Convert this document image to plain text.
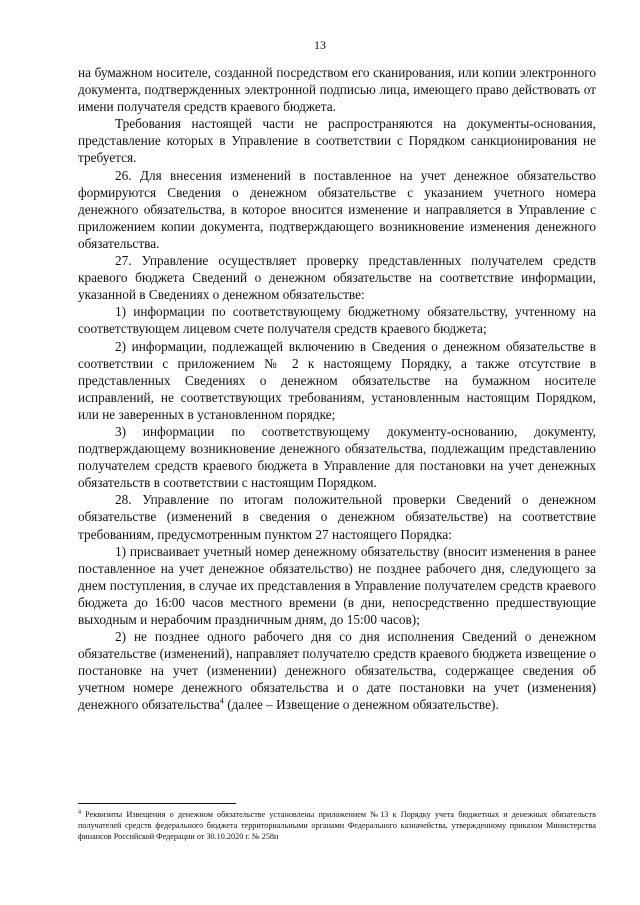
13

на бумажном носителе, созданной посредством его сканирования, или копии электронного документа, подтвержденных электронной подписью лица, имеющего право действовать от имени получателя средств краевого бюджета.

Требования настоящей части не распространяются на документы-основания, представление которых в Управление в соответствии с Порядком санкционирования не требуется.

26. Для внесения изменений в поставленное на учет денежное обязательство формируются Сведения о денежном обязательстве с указанием учетного номера денежного обязательства, в которое вносится изменение и направляется в Управление с приложением копии документа, подтверждающего возникновение изменения денежного обязательства.

27. Управление осуществляет проверку представленных получателем средств краевого бюджета Сведений о денежном обязательстве на соответствие информации, указанной в Сведениях о денежном обязательстве:

1) информации по соответствующему бюджетному обязательству, учтенному на соответствующем лицевом счете получателя средств краевого бюджета;

2) информации, подлежащей включению в Сведения о денежном обязательстве в соответствии с приложением № 2 к настоящему Порядку, а также отсутствие в представленных Сведениях о денежном обязательстве на бумажном носителе исправлений, не соответствующих требованиям, установленным настоящим Порядком, или не заверенных в установленном порядке;

3) информации по соответствующему документу-основанию, документу, подтверждающему возникновение денежного обязательства, подлежащим представлению получателем средств краевого бюджета в Управление для постановки на учет денежных обязательств в соответствии с настоящим Порядком.

28. Управление по итогам положительной проверки Сведений о денежном обязательстве (изменений в сведения о денежном обязательстве) на соответствие требованиям, предусмотренным пунктом 27 настоящего Порядка:

1) присваивает учетный номер денежному обязательству (вносит изменения в ранее поставленное на учет денежное обязательство) не позднее рабочего дня, следующего за днем поступления, в случае их представления в Управление получателем средств краевого бюджета до 16:00 часов местного времени (в дни, непосредственно предшествующие выходным и нерабочим праздничным дням, до 15:00 часов);

2) не позднее одного рабочего дня со дня исполнения Сведений о денежном обязательстве (изменений), направляет получателю средств краевого бюджета извещение о постановке на учет (изменении) денежного обязательства, содержащее сведения об учетном номере денежного обязательства и о дате постановки на учет (изменения) денежного обязательства$^4$ (далее – Извещение о денежном обязательстве).

$^4$ Реквизиты Извещения о денежном обязательстве установлены приложением №13 к Порядку учета бюджетных и денежных обязательств получателей средств федерального бюджета территориальными органами Федерального казначейства, утвержденному приказом Министерства финансов Российской Федерации от 30.10.2020 г. № 258н
